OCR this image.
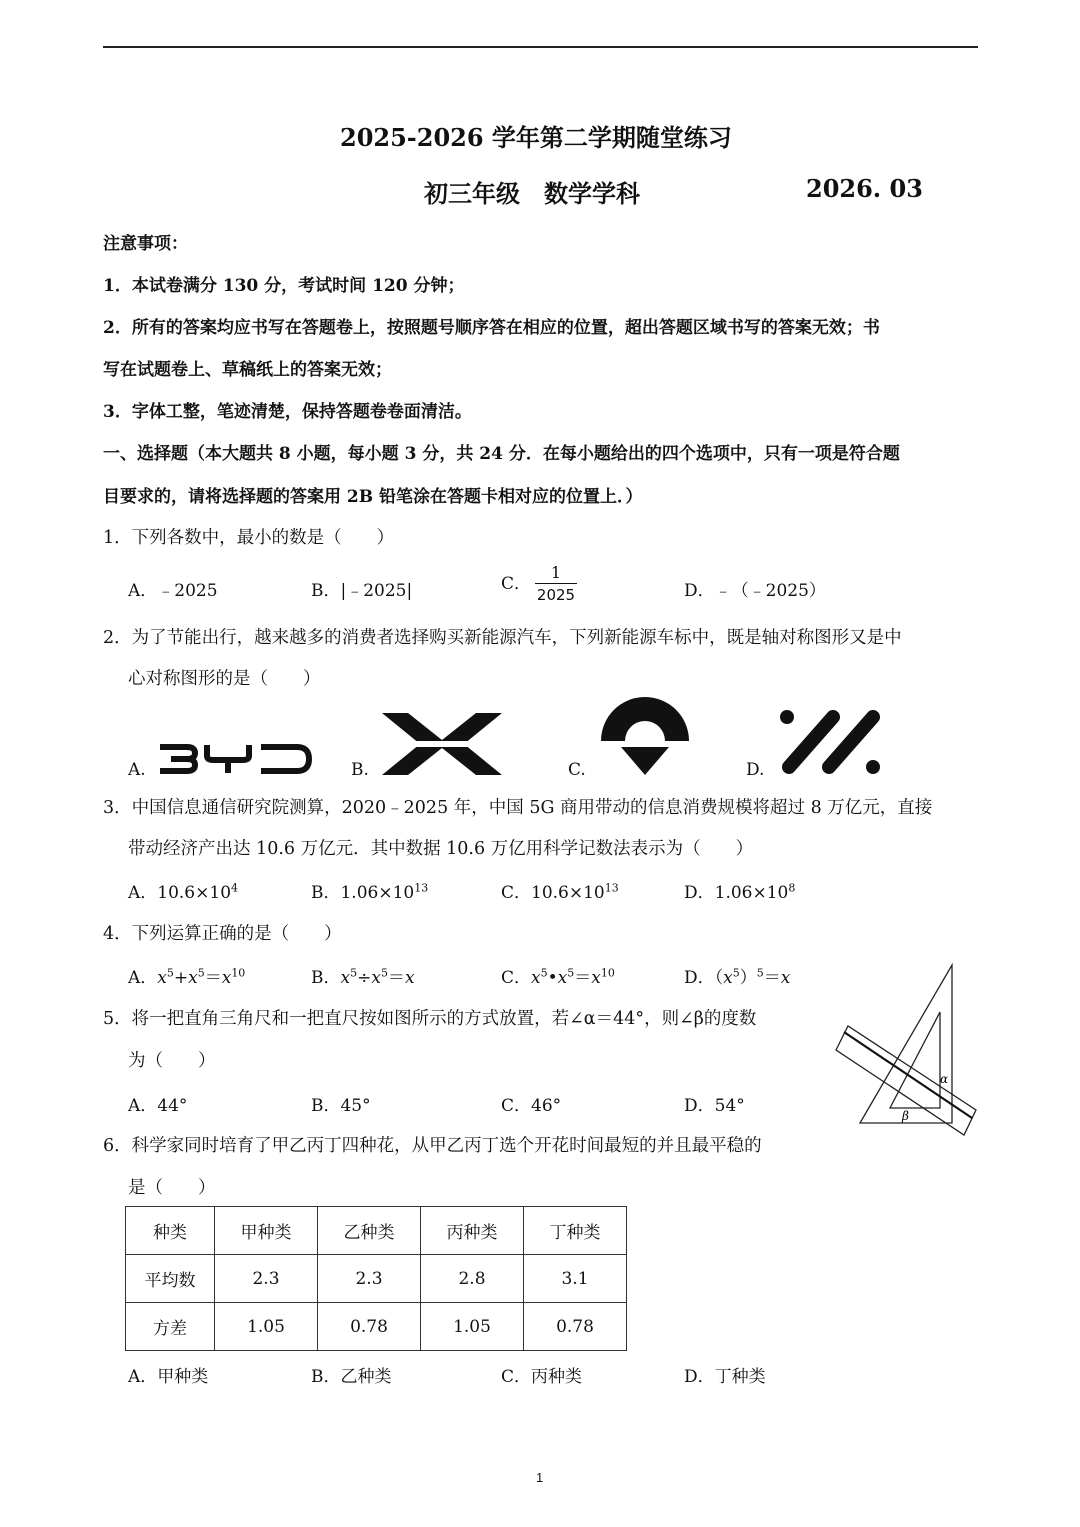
2025-2026 学年第二学期随堂练习
初三年级　数学学科	2026. 03
注意事项：
1．本试卷满分 130 分，考试时间 120 分钟；
2．所有的答案均应书写在答题卷上，按照题号顺序答在相应的位置，超出答题区域书写的答案无效；书
写在试题卷上、草稿纸上的答案无效；
3．字体工整，笔迹清楚，保持答题卷卷面清洁。
一、选择题（本大题共 8 小题，每小题 3 分，共 24 分．在每小题给出的四个选项中，只有一项是符合题
目要求的，请将选择题的答案用 2B 铅笔涂在答题卡相对应的位置上．）
1．下列各数中，最小的数是（　　）
A．﹣2025	B．|﹣2025|	C． $\frac{1}{2025}$	D．﹣（﹣2025）
2．为了节能出行，越来越多的消费者选择购买新能源汽车，下列新能源车标中，既是轴对称图形又是中
心对称图形的是（　　）
A.	B.	C.	D.
3．中国信息通信研究院测算，2020﹣2025 年，中国 5G 商用带动的信息消费规模将超过 8 万亿元，直接
带动经济产出达 10.6 万亿元．其中数据 10.6 万亿用科学记数法表示为（　　）
A．$10.6\times 10^4$	B．$1.06\times 10^{13}$	C．$10.6\times 10^{13}$	D．$1.06\times 10^8$
4．下列运算正确的是（　　）
A．$x^5+x^5=x^{10}$	B．$x^5\div x^5=x$	C．$x^5•x^5=x^{10}$	D．$(x^5)^5=x$
5．将一把直角三角尺和一把直尺按如图所示的方式放置，若∠α＝44°，则∠β的度数
为（　　）
A．44°	B．45°	C．46°	D．54°
α
β
6．科学家同时培育了甲乙丙丁四种花，从甲乙丙丁选个开花时间最短的并且最平稳的
是（　　）
种类	甲种类	乙种类	丙种类	丁种类
平均数	2.3	2.3	2.8	3.1
方差	1.05	0.78	1.05	0.78
A．甲种类	B．乙种类	C．丙种类	D．丁种类
1
